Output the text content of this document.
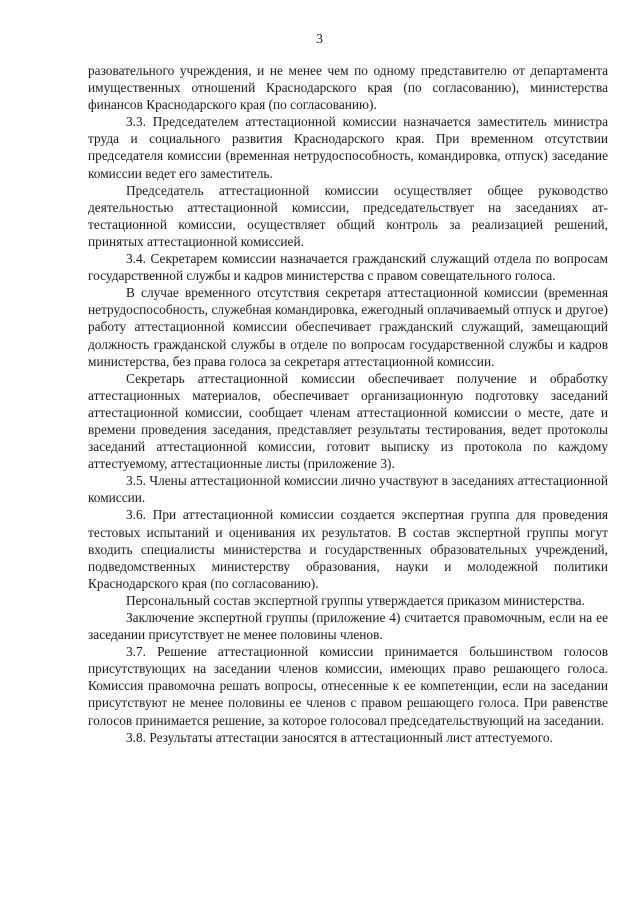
3

разовательного учреждения, и не менее чем по одному представителю от департамента имущественных отношений Краснодарского края (по согласованию), министерства финансов Краснодарского края (по согласованию).

3.3. Председателем аттестационной комиссии назначается заместитель министра труда и социального развития Краснодарского края. При временном отсутствии председателя комиссии (временная нетрудоспособность, командировка, отпуск) заседание комиссии ведет его заместитель.

Председатель аттестационной комиссии осуществляет общее руководство деятельностью аттестационной комиссии, председательствует на заседаниях аттестационной комиссии, осуществляет общий контроль за реализацией решений, принятых аттестационной комиссией.

3.4. Секретарем комиссии назначается гражданский служащий отдела по вопросам государственной службы и кадров министерства с правом совещательного голоса.

В случае временного отсутствия секретаря аттестационной комиссии (временная нетрудоспособность, служебная командировка, ежегодный оплачиваемый отпуск и другое) работу аттестационной комиссии обеспечивает гражданский служащий, замещающий должность гражданской службы в отделе по вопросам государственной службы и кадров министерства, без права голоса за секретаря аттестационной комиссии.

Секретарь аттестационной комиссии обеспечивает получение и обработку аттестационных материалов, обеспечивает организационную подготовку заседаний аттестационной комиссии, сообщает членам аттестационной комиссии о месте, дате и времени проведения заседания, представляет результаты тестирования, ведет протоколы заседаний аттестационной комиссии, готовит выписку из протокола по каждому аттестуемому, аттестационные листы (приложение 3).

3.5. Члены аттестационной комиссии лично участвуют в заседаниях аттестационной комиссии.

3.6. При аттестационной комиссии создается экспертная группа для проведения тестовых испытаний и оценивания их результатов. В состав экспертной группы могут входить специалисты министерства и государственных образовательных учреждений, подведомственных министерству образования, науки и молодежной политики Краснодарского края (по согласованию).

Персональный состав экспертной группы утверждается приказом министерства.

Заключение экспертной группы (приложение 4) считается правомочным, если на ее заседании присутствует не менее половины членов.

3.7. Решение аттестационной комиссии принимается большинством голосов присутствующих на заседании членов комиссии, имеющих право решающего голоса. Комиссия правомочна решать вопросы, отнесенные к ее компетенции, если на заседании присутствуют не менее половины ее членов с правом решающего голоса. При равенстве голосов принимается решение, за которое голосовал председательствующий на заседании.

3.8. Результаты аттестации заносятся в аттестационный лист аттестуемого.
